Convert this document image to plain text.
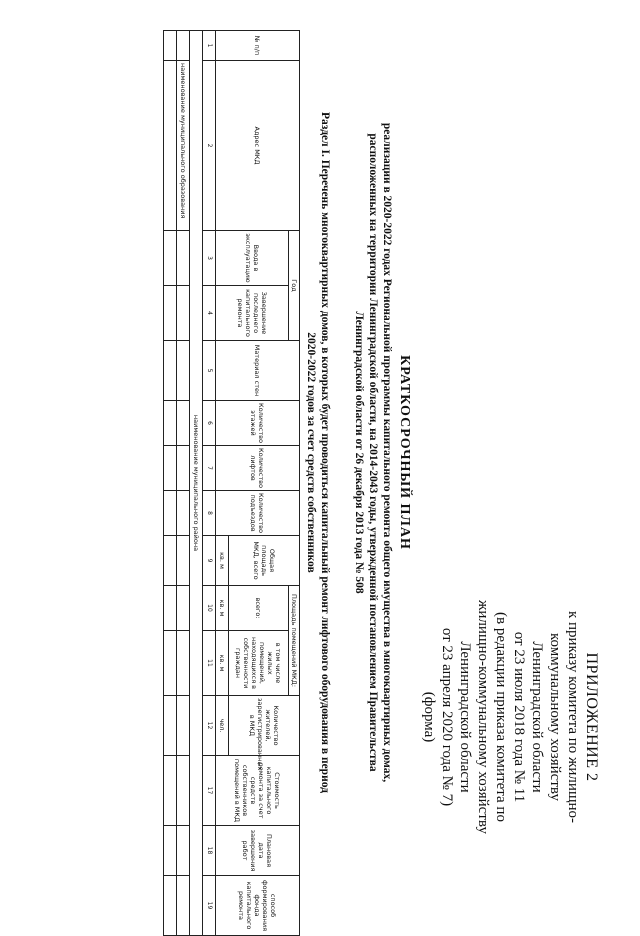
ПРИЛОЖЕНИЕ 2
к приказу комитета по жилищно-
коммунальному хозяйству
Ленинградской области
от 23 июля 2018 года № 11
(в редакции приказа комитета по
жилищно-коммунальному хозяйству
Ленинградской области
от 23 апреля 2020 года № 7)
(форма)
КРАТКОСРОЧНЫЙ ПЛАН
реализации в 2020-2022 годах Региональной программы капитального ремонта общего имущества в многоквартирных домах,
расположенных на территории Ленинградской области, на 2014-2043 годы, утвержденной постановлением Правительства
Ленинградской области от 26 декабря 2013 года № 508
Раздел I. Перечень многоквартирных домов, в которых будет проводиться капитальный ремонт лифтового оборудования в период
2020-2022 годов за счет средств собственников
№ п/п	Адрес МКД	Год		Материал стен	Количество этажей	Количество лифтов	Количество подъездов	Общая площадь МКД, всего	Площадь помещений МКД:		Количество жителей, зарегистрированных в МКД	Стоимость капитального ремонта за счет средств собственников помещений в МКД	Плановая дата завершения работ	способ формирования фонда капитального ремонта
		Ввода в эксплуатацию	Завершение последнего капитального ремонта						всего:	в том числе жилых помещений, находящихся в собственности граждан				
								кв. м	кв. м	кв. м	чел.			
1	2	3	4	5	6	7	8	9	10	11	12	17	18	19
наименование муниципального района														
	наименование муниципального образования													
